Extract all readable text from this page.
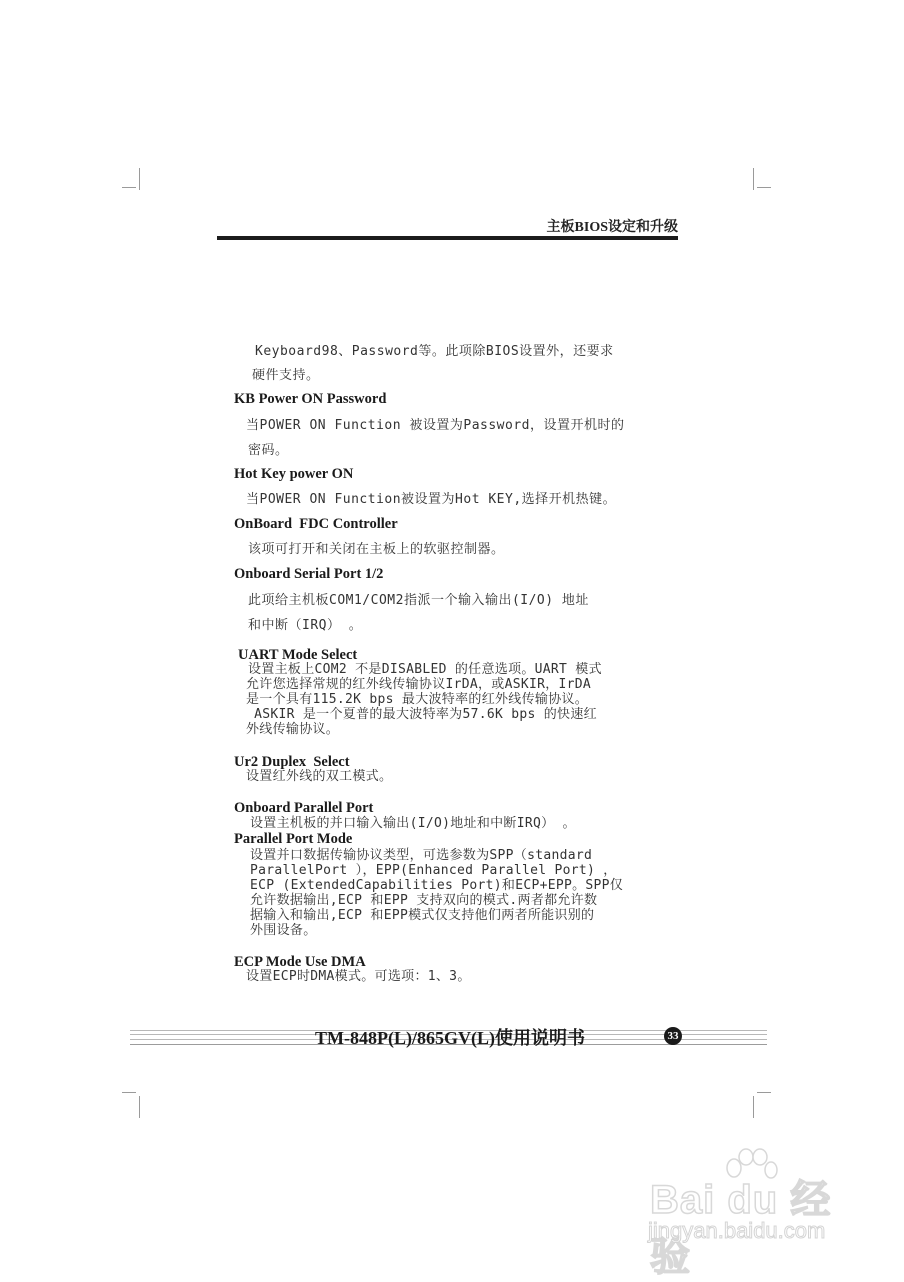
主板BIOS设定和升级
Keyboard98、Password等。此项除BIOS设置外，还要求
硬件支持。
KB Power ON Password
当POWER ON Function 被设置为Password，设置开机时的
密码。
Hot Key power ON
当POWER ON Function被设置为Hot KEY,选择开机热键。
OnBoard  FDC Controller
该项可打开和关闭在主板上的软驱控制器。
Onboard Serial Port 1/2
此项给主机板COM1/COM2指派一个输入输出(I/O) 地址
和中断（IRQ） 。
UART Mode Select
设置主板上COM2 不是DISABLED 的任意选项。UART 模式
允许您选择常规的红外线传输协议IrDA，或ASKIR，IrDA
是一个具有115.2K bps 最大波特率的红外线传输协议。
ASKIR 是一个夏普的最大波特率为57.6K bps 的快速红
外线传输协议。
Ur2 Duplex  Select
设置红外线的双工模式。
Onboard Parallel Port
设置主机板的并口输入输出(I/O)地址和中断IRQ） 。
Parallel Port Mode
设置并口数据传输协议类型，可选参数为SPP（standard
ParallelPort ），EPP(Enhanced Parallel Port) ，
ECP (ExtendedCapabilities Port)和ECP+EPP。SPP仅
允许数据输出,ECP 和EPP 支持双向的模式.两者都允许数
据输入和输出,ECP 和EPP模式仅支持他们两者所能识别的
外围设备。
ECP Mode Use DMA
设置ECP时DMA模式。可选项：1、3。
TM-848P(L)/865GV(L)使用说明书	33
Bai du 经验
jingyan.baidu.com
